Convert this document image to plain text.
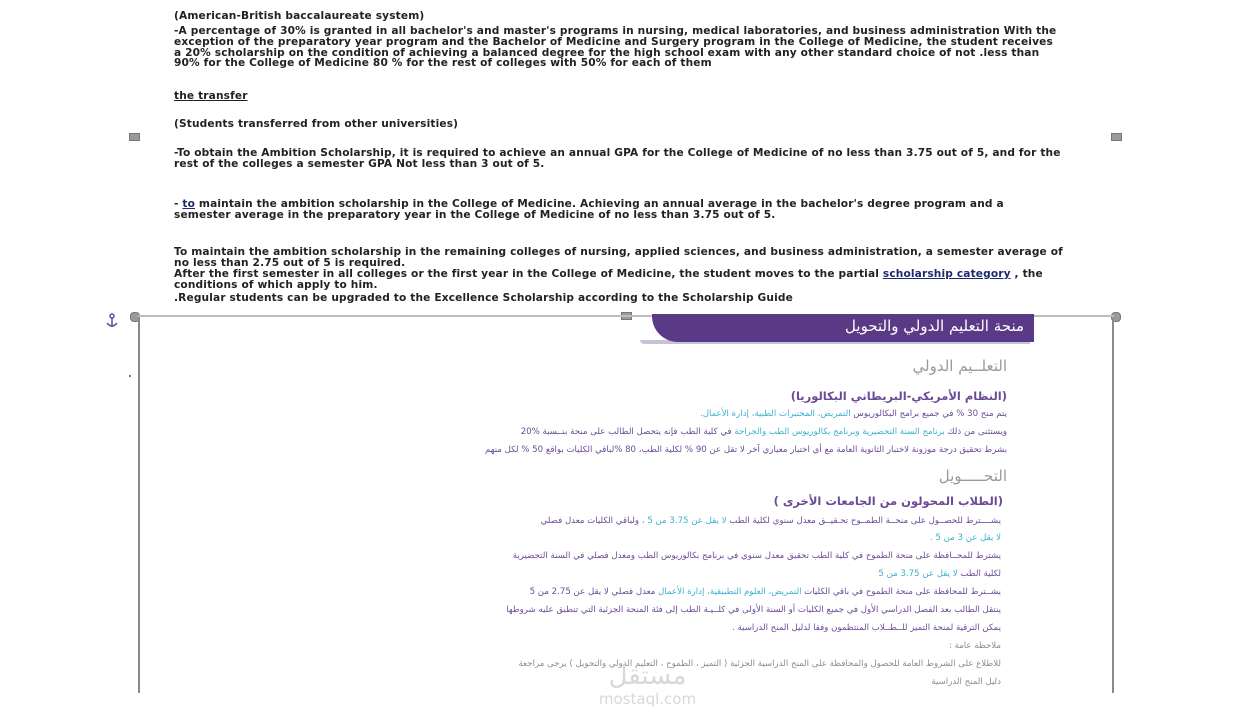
(American-British baccalaureate system)
-A percentage of 30% is granted in all bachelor's and master's programs in nursing, medical laboratories, and business administration With the exception of the preparatory year program and the Bachelor of Medicine and Surgery program in the College of Medicine, the student receives a 20% scholarship on the condition of achieving a balanced degree for the high school exam with any other standard choice of not .less than 90% for the College of Medicine 80 % for the rest of colleges with 50% for each of them
the transfer
(Students transferred from other universities)
-To obtain the Ambition Scholarship, it is required to achieve an annual GPA for the College of Medicine of no less than 3.75 out of 5, and for the rest of the colleges a semester GPA Not less than 3 out of 5.
- to maintain the ambition scholarship in the College of Medicine. Achieving an annual average in the bachelor's degree program and a semester average in the preparatory year in the College of Medicine of no less than 3.75 out of 5.
To maintain the ambition scholarship in the remaining colleges of nursing, applied sciences, and business administration, a semester average of no less than 2.75 out of 5 is required.
After the first semester in all colleges or the first year in the College of Medicine, the student moves to the partial scholarship category , the conditions of which apply to him.
.Regular students can be upgraded to the Excellence Scholarship according to the Scholarship Guide
منحة التعليم الدولي والتحويل
التعلــيم الدولي
(النظام الأمريكي-البريطاني البكالوريا)
يتم منح 30 % في جميع برامج البكالوريوس التمريض، المختبرات الطبية، إدارة الأعمال.
ويستثنى من ذلك برنامج السنة التحضيرية وبرنامج بكالوريوس الطب والجراحة في كلية الطب فإنه يتحصل الطالب على منحة بنــسبة %20
بشرط تحقيق درجة موزونة لاختبار الثانوية العامة مع أي اختبار معياري آخر لا تقل عن 90 % لكلية الطب، 80 %لباقي الكليات بواقع 50 % لكل منهم
التحـــــويل
(الطلاب المحولون من الجامعات الأخرى )
يشــــترط للحصــول على منحــة الطمــوح تحـقيــق معدل سنوي لكلية الطب لا يقل عن 3.75 من 5 ، ولباقي الكليات معدل فصلي
لا يقل عن 3 من 5 .
يشترط للمحــافظة على منحة الطموح في كلية الطب تحقيق معدل سنوي في برنامج بكالوريوس الطب ومعدل فصلي في السنة التحضيرية
لكلية الطب لا يقل عن 3.75 من 5
يشــترط للمحافظة على منحة الطموح في باقي الكليات التمريض، العلوم التطبيقية، إدارة الأعمال معدل فصلي لا يقل عن 2.75 من 5
ينتقل الطالب بعد الفصل الدراسي الأول في جميع الكليات أو السنة الأولى في كلــيـة الطب إلى فئة المنحة الجزئية التي تنطبق عليه شروطها
يمكن الترقية لمنحة التميز للــطــلاب المنتظمون وفقا لدليل المنح الدراسية .
ملاحظة عامة :
للاطلاع على الشروط العامة للحصول والمحافظة على المنح الدراسية الجزئية ( التميز ، الطموح ، التعليم الدولي والتحويل ) يرجى مراجعة
دليل المنح الدراسية
مستقل
mostaql.com
